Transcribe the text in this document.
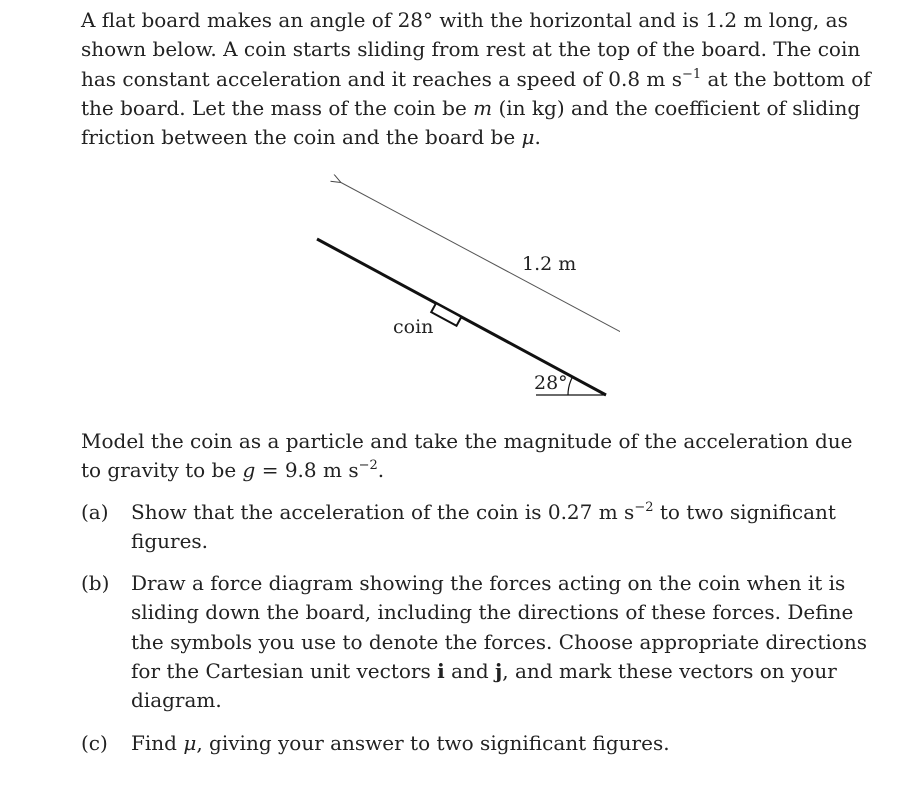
A flat board makes an angle of 28° with the horizontal and is 1.2 m long, as shown below. A coin starts sliding from rest at the top of the board. The coin has constant acceleration and it reaches a speed of 0.8 m $s^{-1}$ at the bottom of the board. Let the mass of the coin be m (in kg) and the coefficient of sliding friction between the coin and the board be μ.

1.2 m
coin
28°

Model the coin as a particle and take the magnitude of the acceleration due to gravity to be g = 9.8 m $s^{-2}$.

(a) Show that the acceleration of the coin is 0.27 m $s^{-2}$ to two significant figures.
(b) Draw a force diagram showing the forces acting on the coin when it is sliding down the board, including the directions of these forces. Define the symbols you use to denote the forces. Choose appropriate directions for the Cartesian unit vectors i and j, and mark these vectors on your diagram.
(c) Find μ, giving your answer to two significant figures.
